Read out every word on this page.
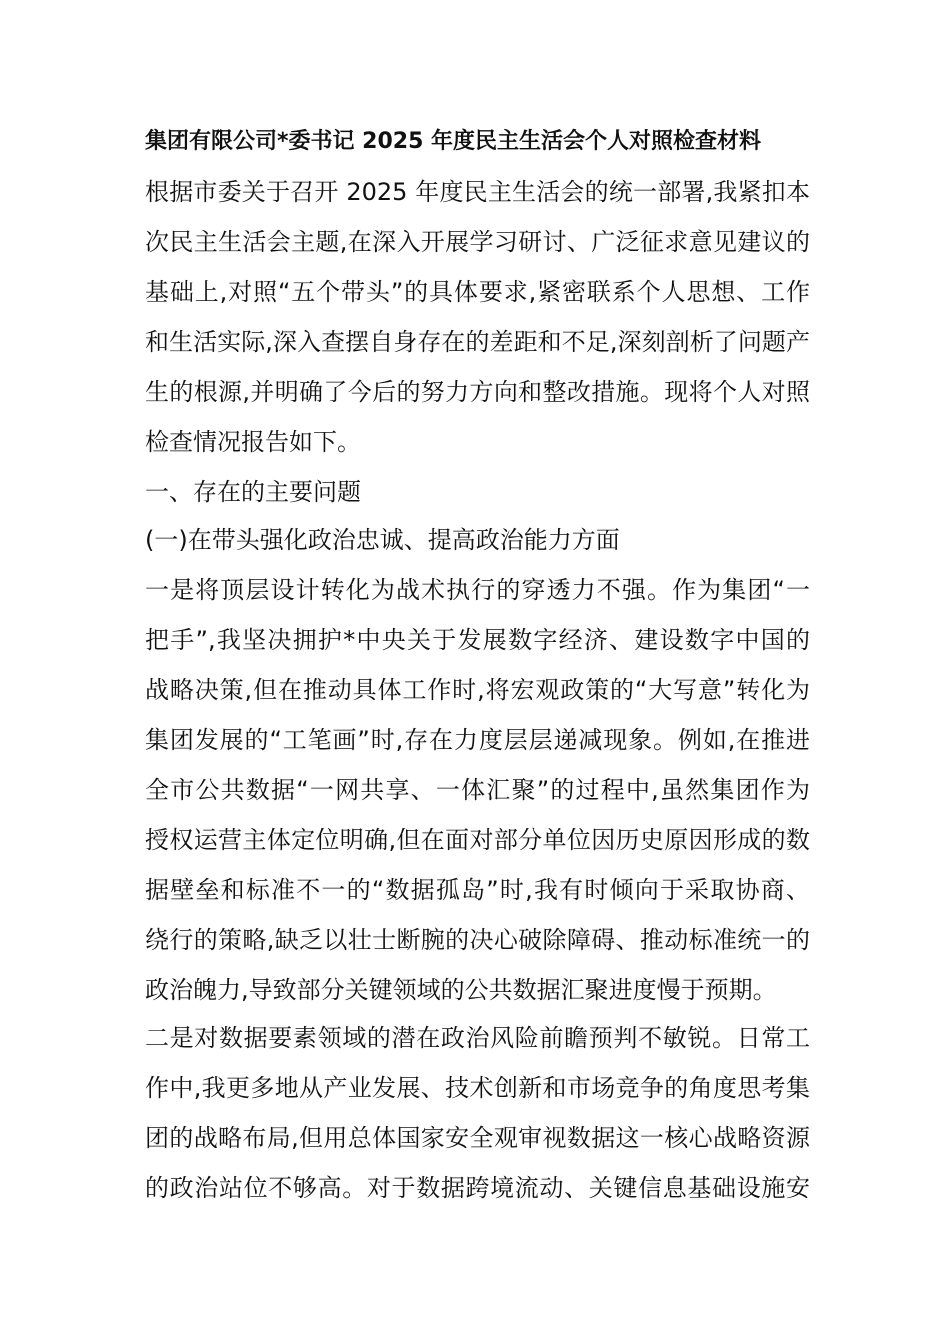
集团有限公司*委书记 2025 年度民主生活会个人对照检查材料
根据市委关于召开 2025 年度民主生活会的统一部署,我紧扣本
次民主生活会主题,在深入开展学习研讨、广泛征求意见建议的
基础上,对照“五个带头”的具体要求,紧密联系个人思想、工作
和生活实际,深入查摆自身存在的差距和不足,深刻剖析了问题产
生的根源,并明确了今后的努力方向和整改措施。现将个人对照
检查情况报告如下。
一、存在的主要问题
(一)在带头强化政治忠诚、提高政治能力方面
一是将顶层设计转化为战术执行的穿透力不强。作为集团“一
把手”,我坚决拥护*中央关于发展数字经济、建设数字中国的
战略决策,但在推动具体工作时,将宏观政策的“大写意”转化为
集团发展的“工笔画”时,存在力度层层递减现象。例如,在推进
全市公共数据“一网共享、一体汇聚”的过程中,虽然集团作为
授权运营主体定位明确,但在面对部分单位因历史原因形成的数
据壁垒和标准不一的“数据孤岛”时,我有时倾向于采取协商、
绕行的策略,缺乏以壮士断腕的决心破除障碍、推动标准统一的
政治魄力,导致部分关键领域的公共数据汇聚进度慢于预期。
二是对数据要素领域的潜在政治风险前瞻预判不敏锐。日常工
作中,我更多地从产业发展、技术创新和市场竞争的角度思考集
团的战略布局,但用总体国家安全观审视数据这一核心战略资源
的政治站位不够高。对于数据跨境流动、关键信息基础设施安
